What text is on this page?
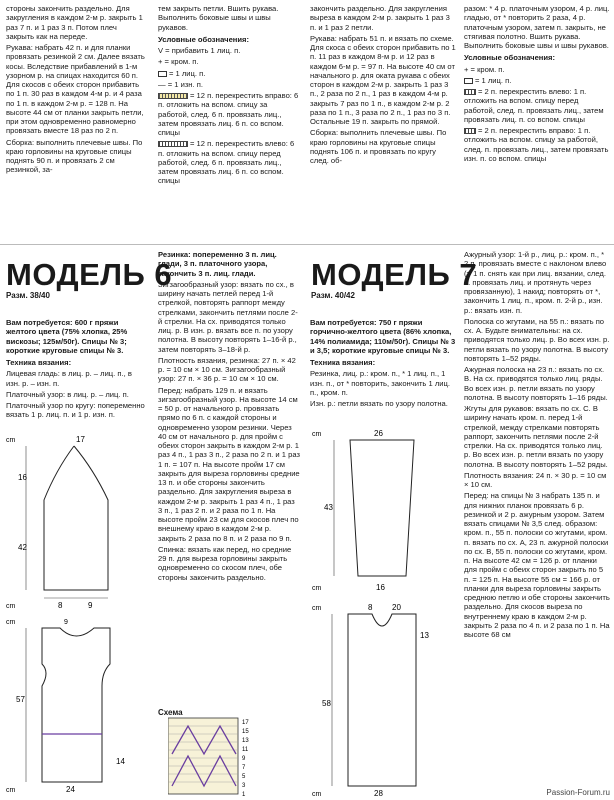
стороны закончить раздельно. Для закругления в каждом 2-м р. закрыть 1 раз 7 п. и 1 раз 3 п. Потом плеч закрыть как на переде.

Рукава: набрать 42 п. и для планки провязать резинкой 2 см. Далее вязать косы. Вследствие прибавлений в 1-м узорном р. на спицах находится 60 п. Для скосов с обеих сторон прибавить по 1 п. 30 раз в каждом 4-м р. и 4 раза по 1 п. в каждом 2-м р. = 128 п. На высоте 44 см от планки закрыть петли, при этом одновременно равномерно провязать вместе 18 раз по 2 п.

Сборка: выполнить плечевые швы. По краю горловины на круговые спицы поднять 90 п. и провязать 2 см резинкой, за-

тем закрыть петли. Вшить рукава. Выполнить боковые швы и швы рукавов.

Условные обозначения:

V = прибавить 1 лиц. п.

+ = кром. п.

= 1 лиц. п.

— = 1 изн. п.

= 12 п. перекрестить вправо: 6 п. отложить на вспом. спицу за работой, след. 6 п. провязать лиц., затем провязать лиц. 6 п. со вспом. спицы

= 12 п. перекрестить влево: 6 п. отложить на вспом. спицу перед работой, след. 6 п. провязать лиц., затем провязать лиц. 6 п. со вспом. спицы

закончить раздельно. Для закругления выреза в каждом 2-м р. закрыть 1 раз 3 п. и 1 раз 2 петли.

Рукава: набрать 51 п. и вязать по схеме. Для скоса с обеих сторон прибавить по 1 п. 11 раз в каждом 8-м р. и 12 раз в каждом 6-м р. = 97 п. На высоте 40 см от начального р. для оката рукава с обеих сторон в каждом 2-м р. закрыть 1 раз 3 п., 2 раза по 2 п., 1 раз в каждом 4-м р. закрыть 7 раз по 1 п., в каждом 2-м р. 2 раза по 1 п., 3 раза по 2 п., 1 раз по 3 п. Остальные 19 п. закрыть по прямой.

Сборка: выполнить плечевые швы. По краю горловины на круговые спицы поднять 106 п. и провязать по кругу след. об-

разом: * 4 р. платочным узором, 4 р. лиц. гладью, от * повторить 2 раза, 4 р. платочным узором, затем п. закрыть, не стягивая полотно. Вшить рукава. Выполнить боковые швы и швы рукавов.

Условные обозначения:

+ = кром. п.

= 1 лиц. п.

= 2 п. перекрестить влево: 1 п. отложить на вспом. спицу перед работой, след. п. провязать лиц., затем провязать лиц. п. со вспом. спицы

= 2 п. перекрестить вправо: 1 п. отложить на вспом. спицу за работой, след. п. провязать лиц., затем провязать изн. п. со вспом. спицы

МОДЕЛЬ 6	МОДЕЛЬ 7
Разм. 38/40	Разм. 40/42

Вам потребуется: 600 г пряжи желтого цвета (75% хлопка, 25% вискозы; 125м/50г). Спицы № 3; короткие круговые спицы № 3.

Техника вязания:

Лицевая гладь: в лиц. р. – лиц. п., в изн. р. – изн. п.

Платочный узор: в лиц. р. – лиц. п.

Платочный узор по кругу: попеременно вязать 1 р. лиц. п. и 1 р. изн. п.

cm	17
16
42
cm	8	9
cm	9
57
14
cm	24

Резинка: попеременно 3 п. лиц. глади, 3 п. платочного узора, закончить 3 п. лиц. глади.

Зигзагообразный узор: вязать по сх., в ширину начать петлей перед 1-й стрелкой, повторять раппорт между стрелками, закончить петлями после 2-й стрелки. На сх. приводятся только лиц. р. В изн. р. вязать все п. по узору полотна. В высоту повторять 1–16-й р., затем повторять 3–18-й р.

Плотность вязания, резинка: 27 п. × 42 р. = 10 см × 10 см. Зигзагообразный узор: 27 п. × 36 р. = 10 см × 10 см.

Перед: набрать 129 п. и вязать зигзагообразный узор. На высоте 14 см = 50 р. от начального р. провязать прямо по 6 п. с каждой стороны и одновременно узором резинки. Через 40 см от начального р. для пройм с обеих сторон закрыть в каждом 2-м р. 1 раз 4 п., 1 раз 3 п., 2 раза по 2 п. и 1 раз 1 п. = 107 п. На высоте пройм 17 см закрыть для выреза горловины средние 13 п. и обе стороны закончить раздельно. Для закругления выреза в каждом 2-м р. закрыть 1 раз 4 п., 1 раз 3 п., 1 раз 2 п. и 2 раза по 1 п. На высоте пройм 23 см для скосов плеч по внешнему краю в каждом 2-м р. закрыть 2 раза по 8 п. и 2 раза по 9 п.

Спинка: вязать как перед, но средние 29 п. для выреза горловины закрыть одновременно со скосом плеч, обе стороны закончить раздельно.

Схема
17
15
13
11
9
7
5
3
1

Вам потребуется: 750 г пряжи горчично-желтого цвета (86% хлопка, 14% полиамида; 110м/50г). Спицы № 3 и 3,5; короткие круговые спицы № 3.

Техника вязания:

Резинка, лиц. р.: кром. п., * 1 лиц. п., 1 изн. п., от * повторить, закончить 1 лиц. п., кром. п.

Изн. р.: петли вязать по узору полотна.

cm	26
43
cm	16
cm	8 20
58
13
cm	28

Ажурный узор: 1-й р., лиц. р.: кром. п., * 2 п. провязать вместе с наклоном влево (= 1 п. снять как при лиц. вязании, след. п. провязать лиц. и протянуть через провязанную), 1 накид; повторять от *, закончить 1 лиц. п., кром. п. 2-й р., изн. р.: вязать изн. п.

Полоска со жгутами, на 55 п.: вязать по сх. А. Будьте внимательны: на сх. приводятся только лиц. р. Во всех изн. р. петли вязать по узору полотна. В высоту повторять 1–52 ряды.

Ажурная полоска на 23 п.: вязать по сх. В. На сх. приводятся только лиц. ряды. Во всех изн. р. петли вязать по узору полотна. В высоту повторять 1–16 ряды.

Жгуты для рукавов: вязать по сх. С. В ширину начать кром. п. перед 1-й стрелкой, между стрелками повторять раппорт, закончить петлями после 2-й стрелки. На сх. приводятся только лиц. р. Во всех изн. р. петли вязать по узору полотна. В высоту повторять 1–52 ряды.

Плотность вязания: 24 п. × 30 р. = 10 см × 10 см.

Перед: на спицы № 3 набрать 135 п. и для нижних планок провязать 6 р. резинкой и 2 р. ажурным узором. Затем вязать спицами № 3,5 след. образом: кром. п., 55 п. полоски со жгутами, кром. п. вязать по сх. А, 23 п. ажурной полоски по сх. В, 55 п. полоски со жгутами, кром. п. На высоте 42 см = 126 р. от планки для пройм с обеих сторон закрыть по 5 п. = 125 п. На высоте 55 см = 166 р. от планки для выреза горловины закрыть среднюю петлю и обе стороны закончить раздельно. Для скосов выреза по внутреннему краю в каждом 2-м р. закрыть 2 раза по 4 п. и 2 раза по 1 п. На высоте 68 см

Passion-Forum.ru
